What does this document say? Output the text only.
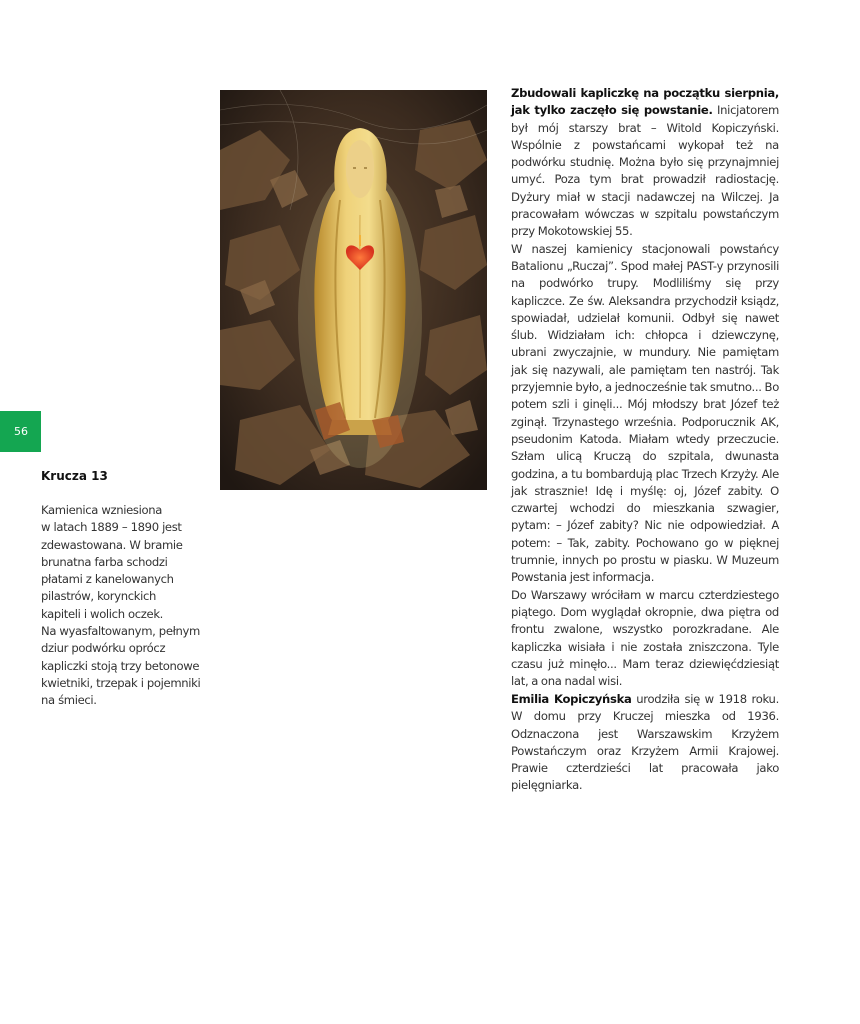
56
Krucza 13

Kamienica wzniesiona
w latach 1889 – 1890 jest
zdewastowana. W bramie
brunatna farba schodzi
płatami z kanelowanych
pilastrów, korynckich
kapiteli i wolich oczek.
Na wyasfaltowanym, pełnym
dziur podwórku oprócz
kapliczki stoją trzy betonowe
kwietniki, trzepak i pojemniki
na śmieci.

Zbudowali kapliczkę na początku sierpnia, jak tylko zaczęło się powstanie. Inicjatorem był mój starszy brat – Witold Kopiczyński. Wspólnie z powstańcami wykopał też na podwórku studnię. Można było się przynajmniej umyć. Poza tym brat prowadził radiostację. Dyżury miał w stacji nadawczej na Wilczej. Ja pracowałam wówczas w szpitalu powstańczym przy Mokotowskiej 55.

W naszej kamienicy stacjonowali powstańcy Batalionu „Ruczaj”. Spod małej PAST-y przynosili na podwórko trupy. Modliliśmy się przy kapliczce. Ze św. Aleksandra przychodził ksiądz, spowiadał, udzielał komunii. Odbył się nawet ślub. Widziałam ich: chłopca i dziewczynę, ubrani zwyczajnie, w mundury. Nie pamiętam jak się nazywali, ale pamiętam ten nastrój. Tak przyjemnie było, a jednocześnie tak smutno... Bo potem szli i ginęli... Mój młodszy brat Józef też zginął. Trzynastego września. Podporucznik AK, pseudonim Katoda. Miałam wtedy przeczucie. Szłam ulicą Kruczą do szpitala, dwunasta godzina, a tu bombardują plac Trzech Krzyży. Ale jak strasznie! Idę i myślę: oj, Józef zabity. O czwartej wchodzi do mieszkania szwagier, pytam: – Józef zabity? Nic nie odpowiedział. A potem: – Tak, zabity. Pochowano go w pięknej trumnie, innych po prostu w piasku. W Muzeum Powstania jest informacja.

Do Warszawy wróciłam w marcu czterdziestego piątego. Dom wyglądał okropnie, dwa piętra od frontu zwalone, wszystko porozkradane. Ale kapliczka wisiała i nie została zniszczona. Tyle czasu już minęło... Mam teraz dziewięćdziesiąt lat, a ona nadal wisi.

Emilia Kopiczyńska urodziła się w 1918 roku. W domu przy Kruczej mieszka od 1936. Odznaczona jest Warszawskim Krzyżem Powstańczym oraz Krzyżem Armii Krajowej. Prawie czterdzieści lat pracowała jako pielęgniarka.
